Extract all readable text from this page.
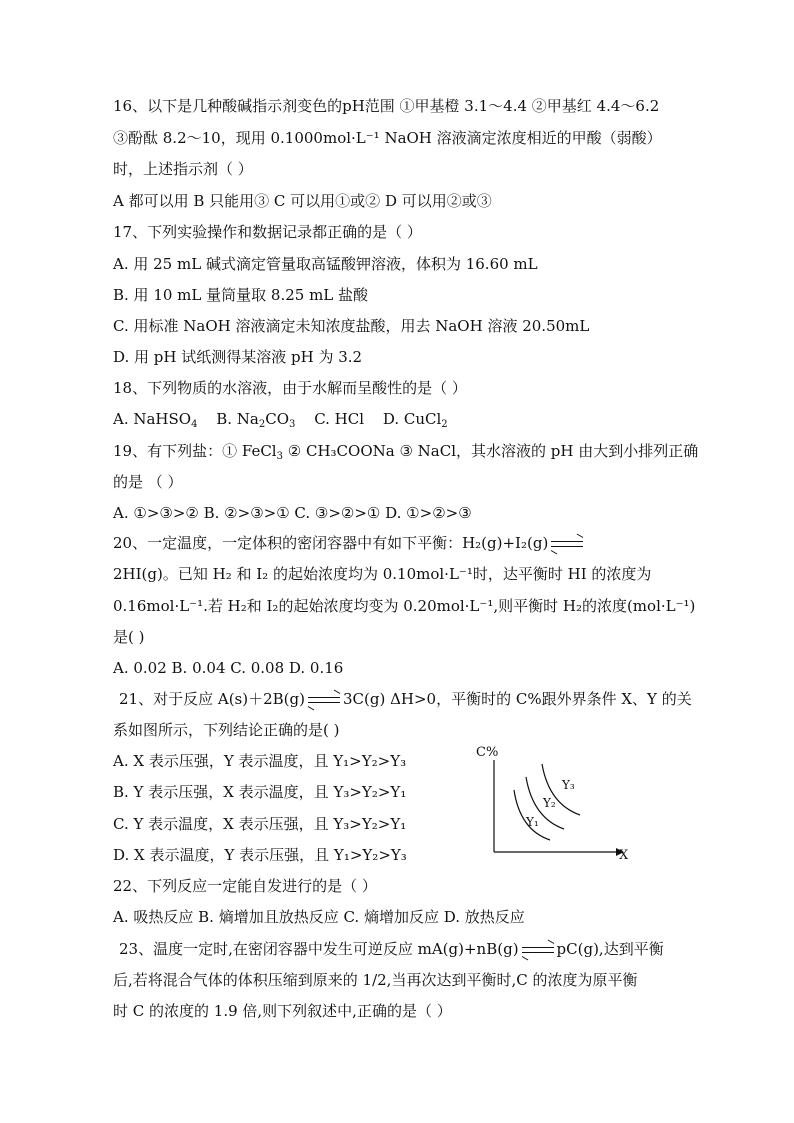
16、以下是几种酸碱指示剂变色的pH范围 ①甲基橙 3.1～4.4 ②甲基红 4.4～6.2
③酚酞 8.2～10，现用 0.1000mol·L⁻¹ NaOH 溶液滴定浓度相近的甲酸（弱酸）
时，上述指示剂（ ）
A 都可以用 B 只能用③ C 可以用①或② D 可以用②或③
17、下列实验操作和数据记录都正确的是（ ）
A. 用 25 mL 碱式滴定管量取高锰酸钾溶液，体积为 16.60 mL
B. 用 10 mL 量筒量取 8.25 mL 盐酸
C. 用标准 NaOH 溶液滴定未知浓度盐酸，用去 NaOH 溶液 20.50mL
D. 用 pH 试纸测得某溶液 pH 为 3.2
18、下列物质的水溶液，由于水解而呈酸性的是（ ）
A. NaHSO$_4$ B. $Na_2CO_3$ C. HCl D. CuCl$_2$
19、有下列盐：① FeCl$_3$ ② CH₃COONa ③ NaCl，其水溶液的 pH 由大到小排列正确
的是 （ ）
A. ①>③>② B. ②>③>① C. ③>②>① D. ①>②>③
20、一定温度，一定体积的密闭容器中有如下平衡：H₂(g)+I₂(g)
2HI(g)。已知 H₂ 和 I₂ 的起始浓度均为 0.10mol·L⁻¹时，达平衡时 HI 的浓度为
0.16mol·L⁻¹.若 H₂和 I₂的起始浓度均变为 0.20mol·L⁻¹,则平衡时 H₂的浓度(mol·L⁻¹)
是( )
A. 0.02 B. 0.04 C. 0.08 D. 0.16
21、对于反应 A(s)＋2B(g)	3C(g) ΔH>0，平衡时的 C%跟外界条件 X、Y 的关
系如图所示，下列结论正确的是( )
A. X 表示压强，Y 表示温度，且 Y₁>Y₂>Y₃
B. Y 表示压强，X 表示温度，且 Y₃>Y₂>Y₁
C. Y 表示温度，X 表示压强，且 Y₃>Y₂>Y₁
D. X 表示温度，Y 表示压强，且 Y₁>Y₂>Y₃
C%
X
Y₁
Y₂
Y₃
22、下列反应一定能自发进行的是（ ）
A. 吸热反应 B. 熵增加且放热反应 C. 熵增加反应 D. 放热反应
23、温度一定时,在密闭容器中发生可逆反应 mA(g)+nB(g)	pC(g),达到平衡
后,若将混合气体的体积压缩到原来的 1/2,当再次达到平衡时,C 的浓度为原平衡
时 C 的浓度的 1.9 倍,则下列叙述中,正确的是（ ）
